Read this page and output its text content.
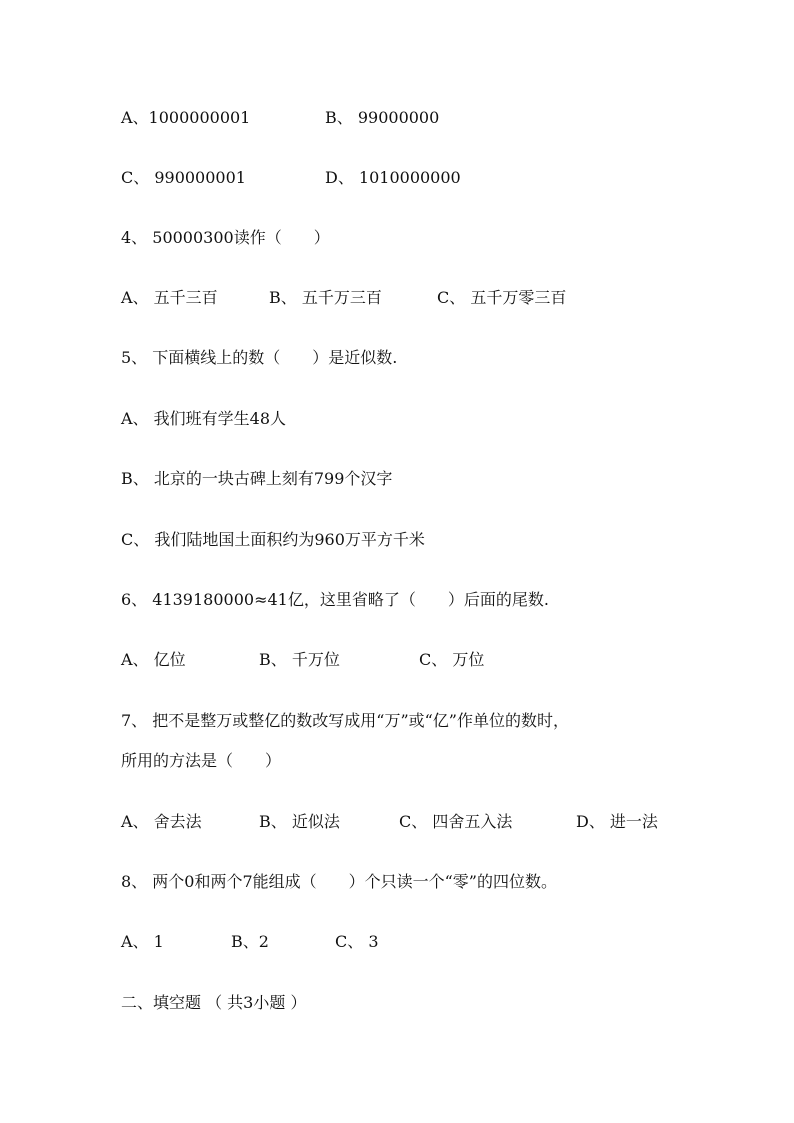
A、1000000001	B、 99000000
C、 990000001	D、 1010000000
4、 50000300读作（　　）
A、 五千三百	B、 五千万三百	C、 五千万零三百
5、 下面横线上的数（　　）是近似数.
A、 我们班有学生48人
B、 北京的一块古碑上刻有799个汉字
C、 我们陆地国土面积约为960万平方千米
6、 4139180000≈41亿，这里省略了（　　）后面的尾数.
A、 亿位	B、 千万位	C、 万位
7、 把不是整万或整亿的数改写成用“万”或“亿”作单位的数时，
所用的方法是（　　）
A、 舍去法	B、 近似法	C、 四舍五入法	D、 进一法
8、 两个0和两个7能组成（　　）个只读一个“零”的四位数。
A、 1	B、2	C、 3
二、填空题 （ 共3小题 ）
